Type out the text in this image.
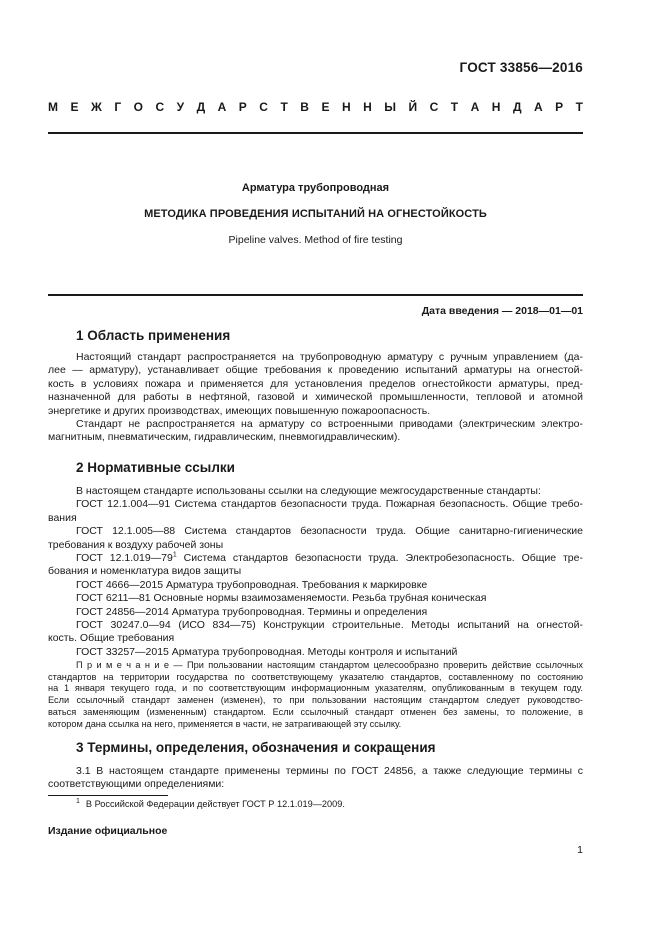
ГОСТ 33856—2016
М Е Ж Г О С У Д А Р С Т В Е Н Н Ы Й С Т А Н Д А Р Т
Арматура трубопроводная
МЕТОДИКА ПРОВЕДЕНИЯ ИСПЫТАНИЙ НА ОГНЕСТОЙКОСТЬ
Pipeline valves. Method of fire testing
Дата введения — 2018—01—01
1 Область применения
Настоящий стандарт распространяется на трубопроводную арматуру с ручным управлением (да-
лее — арматуру), устанавливает общие требования к проведению испытаний арматуры на огнестой-
кость в условиях пожара и применяется для установления пределов огнестойкости арматуры, пред-
назначенной для работы в нефтяной, газовой и химической промышленности, тепловой и атомной
энергетике и других производствах, имеющих повышенную пожароопасность.
Стандарт не распространяется на арматуру со встроенными приводами (электрическим электро-
магнитным, пневматическим, гидравлическим, пневмогидравлическим).
2 Нормативные ссылки
В настоящем стандарте использованы ссылки на следующие межгосударственные стандарты:
ГОСТ 12.1.004—91 Система стандартов безопасности труда. Пожарная безопасность. Общие требо-
вания
ГОСТ 12.1.005—88 Система стандартов безопасности труда. Общие санитарно-гигиенические
требования к воздуху рабочей зоны
ГОСТ $12.1.019—79^1$ Система стандартов безопасности труда. Электробезопасность. Общие тре-
бования и номенклатура видов защиты
ГОСТ 4666—2015 Арматура трубопроводная. Требования к маркировке
ГОСТ 6211—81 Основные нормы взаимозаменяемости. Резьба трубная коническая
ГОСТ 24856—2014 Арматура трубопроводная. Термины и определения
ГОСТ 30247.0—94 (ИСО 834—75) Конструкции строительные. Методы испытаний на огнестой-
кость. Общие требования
ГОСТ 33257—2015 Арматура трубопроводная. Методы контроля и испытаний
П р и м е ч а н и е — При пользовании настоящим стандартом целесообразно проверить действие ссылочных
стандартов на территории государства по соответствующему указателю стандартов, составленному по состоянию
на 1 января текущего года, и по соответствующим информационным указателям, опубликованным в текущем году.
Если ссылочный стандарт заменен (изменен), то при пользовании настоящим стандартом следует руководство-
ваться заменяющим (измененным) стандартом. Если ссылочный стандарт отменен без замены, то положение, в
котором дана ссылка на него, применяется в части, не затрагивающей эту ссылку.
3 Термины, определения, обозначения и сокращения
3.1 В настоящем стандарте применены термины по ГОСТ 24856, а также следующие термины с
соответствующими определениями:
$^1$ В Российской Федерации действует ГОСТ Р 12.1.019—2009.
Издание официальное
1
